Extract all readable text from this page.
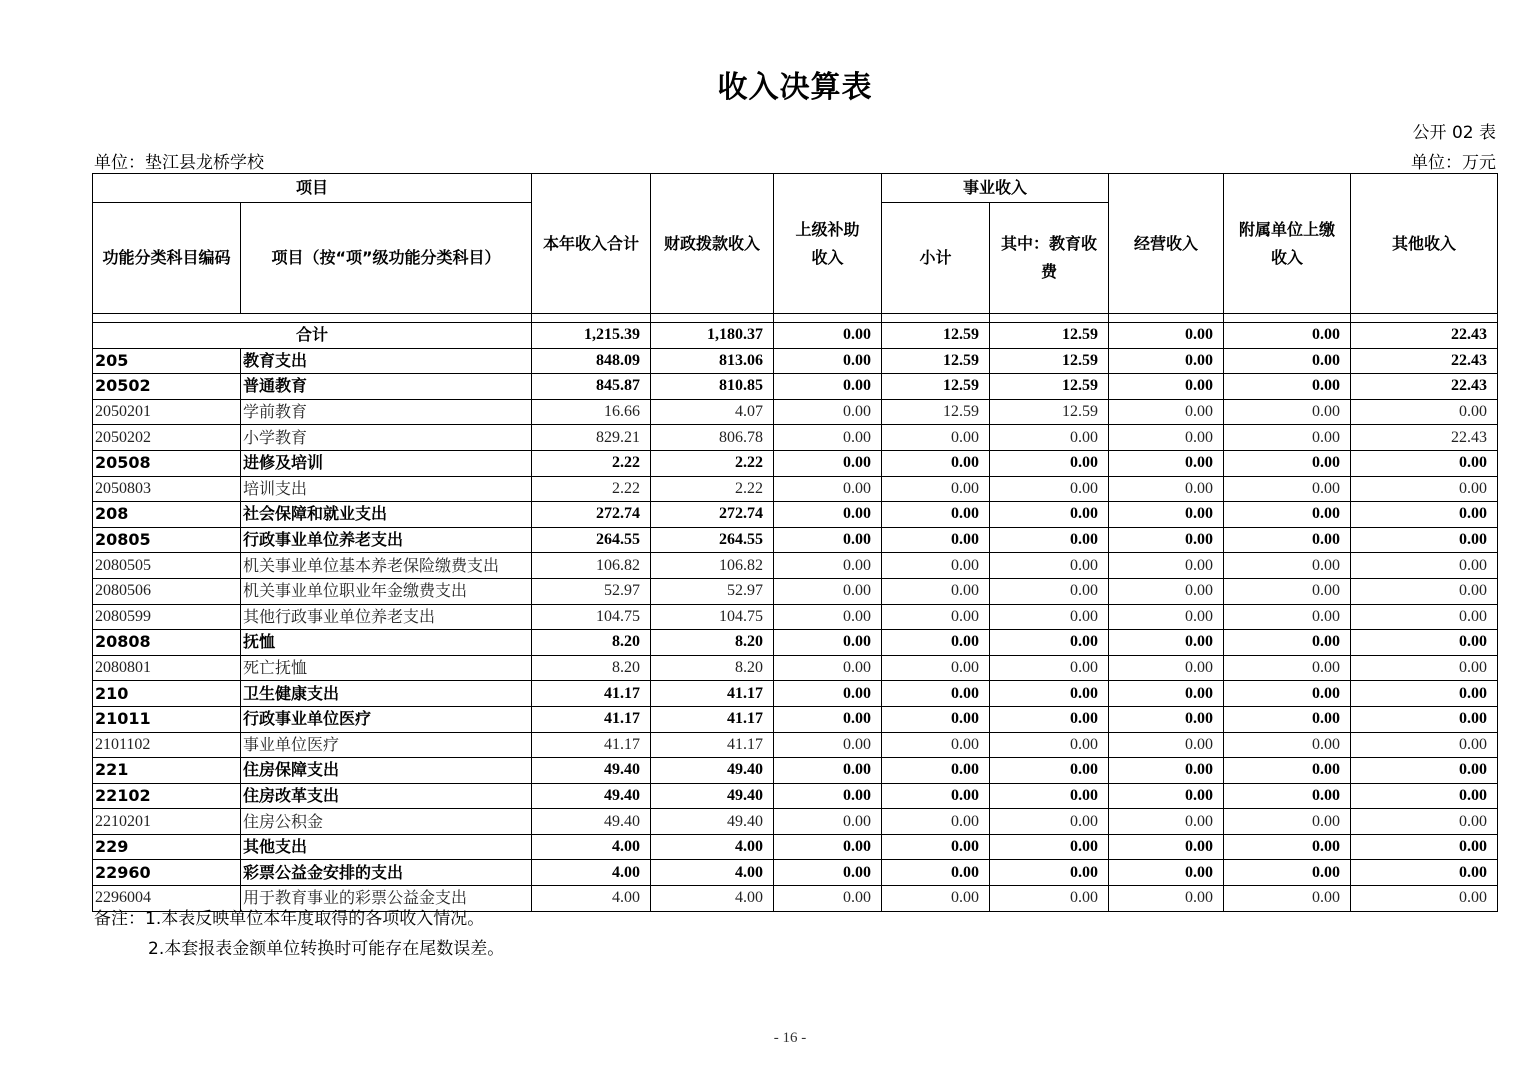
收入决算表
公开 02 表
单位：垫江县龙桥学校	单位：万元
项目		本年收入合计	财政拨款收入	上级补助收入	事业收入		经营收入	附属单位上缴收入	其他收入
功能分类科目编码	项目（按“项”级功能分类科目）				小计	其中：教育收费			

合计		1,215.39	1,180.37	0.00	12.59	12.59	0.00	0.00	22.43
205	教育支出	848.09	813.06	0.00	12.59	12.59	0.00	0.00	22.43
20502	普通教育	845.87	810.85	0.00	12.59	12.59	0.00	0.00	22.43
2050201	学前教育	16.66	4.07	0.00	12.59	12.59	0.00	0.00	0.00
2050202	小学教育	829.21	806.78	0.00	0.00	0.00	0.00	0.00	22.43
20508	进修及培训	2.22	2.22	0.00	0.00	0.00	0.00	0.00	0.00
2050803	培训支出	2.22	2.22	0.00	0.00	0.00	0.00	0.00	0.00
208	社会保障和就业支出	272.74	272.74	0.00	0.00	0.00	0.00	0.00	0.00
20805	行政事业单位养老支出	264.55	264.55	0.00	0.00	0.00	0.00	0.00	0.00
2080505	机关事业单位基本养老保险缴费支出	106.82	106.82	0.00	0.00	0.00	0.00	0.00	0.00
2080506	机关事业单位职业年金缴费支出	52.97	52.97	0.00	0.00	0.00	0.00	0.00	0.00
2080599	其他行政事业单位养老支出	104.75	104.75	0.00	0.00	0.00	0.00	0.00	0.00
20808	抚恤	8.20	8.20	0.00	0.00	0.00	0.00	0.00	0.00
2080801	死亡抚恤	8.20	8.20	0.00	0.00	0.00	0.00	0.00	0.00
210	卫生健康支出	41.17	41.17	0.00	0.00	0.00	0.00	0.00	0.00
21011	行政事业单位医疗	41.17	41.17	0.00	0.00	0.00	0.00	0.00	0.00
2101102	事业单位医疗	41.17	41.17	0.00	0.00	0.00	0.00	0.00	0.00
221	住房保障支出	49.40	49.40	0.00	0.00	0.00	0.00	0.00	0.00
22102	住房改革支出	49.40	49.40	0.00	0.00	0.00	0.00	0.00	0.00
2210201	住房公积金	49.40	49.40	0.00	0.00	0.00	0.00	0.00	0.00
229	其他支出	4.00	4.00	0.00	0.00	0.00	0.00	0.00	0.00
22960	彩票公益金安排的支出	4.00	4.00	0.00	0.00	0.00	0.00	0.00	0.00
2296004	用于教育事业的彩票公益金支出	4.00	4.00	0.00	0.00	0.00	0.00	0.00	0.00
备注：1.本表反映单位本年度取得的各项收入情况。
2.本套报表金额单位转换时可能存在尾数误差。
- 16 -
